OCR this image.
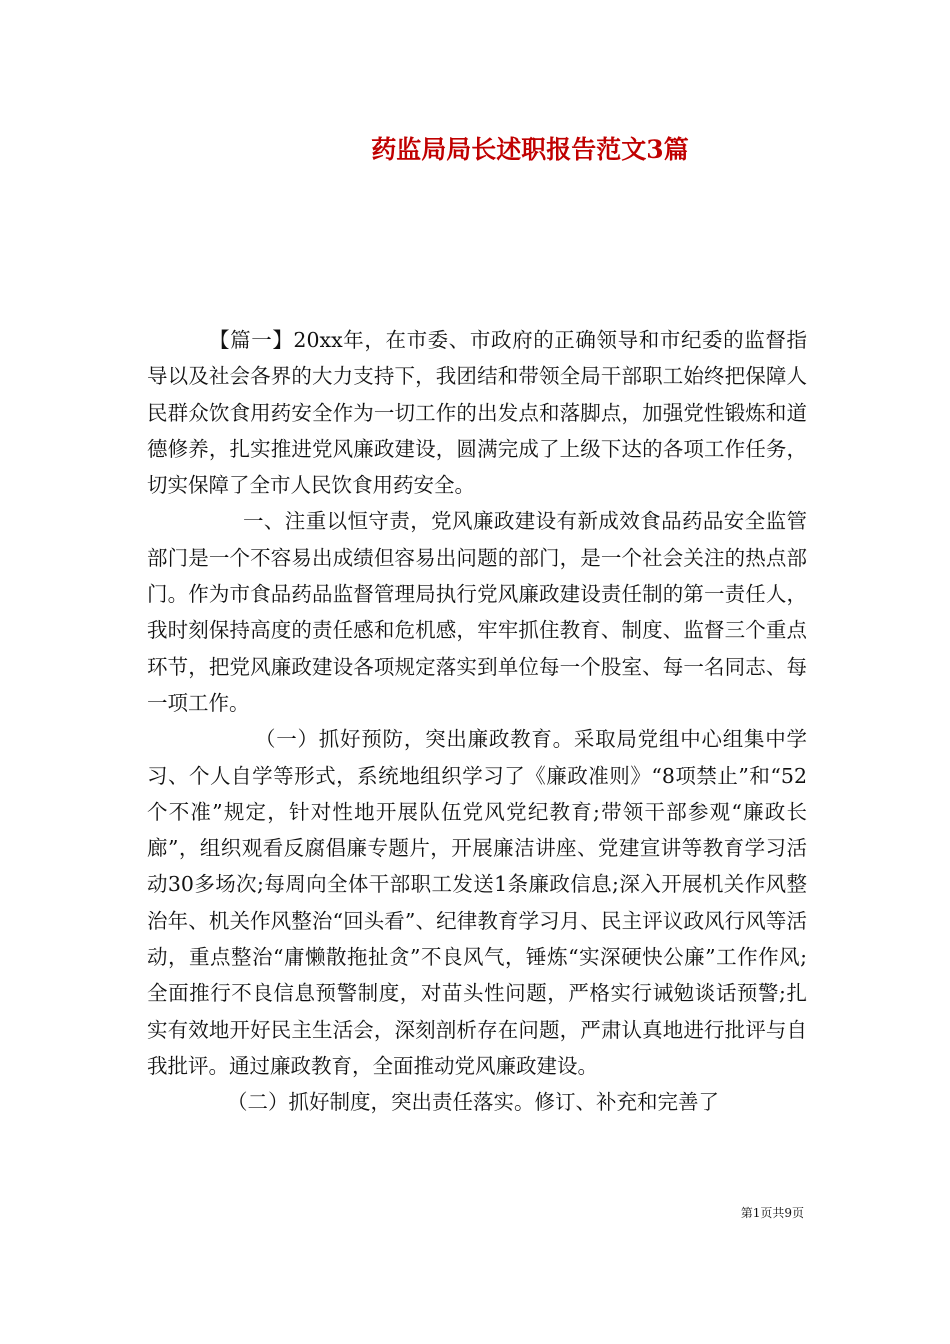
药监局局长述职报告范文3篇

【篇一】20xx年，在市委、市政府的正确领导和市纪委的监督指导以及社会各界的大力支持下，我团结和带领全局干部职工始终把保障人民群众饮食用药安全作为一切工作的出发点和落脚点，加强党性锻炼和道德修养，扎实推进党风廉政建设，圆满完成了上级下达的各项工作任务，切实保障了全市人民饮食用药安全。

一、注重以恒守责，党风廉政建设有新成效食品药品安全监管部门是一个不容易出成绩但容易出问题的部门，是一个社会关注的热点部门。作为市食品药品监督管理局执行党风廉政建设责任制的第一责任人，我时刻保持高度的责任感和危机感，牢牢抓住教育、制度、监督三个重点环节，把党风廉政建设各项规定落实到单位每一个股室、每一名同志、每一项工作。

（一）抓好预防，突出廉政教育。采取局党组中心组集中学习、个人自学等形式，系统地组织学习了《廉政准则》“8项禁止”和“52个不准”规定，针对性地开展队伍党风党纪教育;带领干部参观“廉政长廊”，组织观看反腐倡廉专题片，开展廉洁讲座、党建宣讲等教育学习活动30多场次;每周向全体干部职工发送1条廉政信息;深入开展机关作风整治年、机关作风整治“回头看”、纪律教育学习月、民主评议政风行风等活动，重点整治“庸懒散拖扯贪”不良风气，锤炼“实深硬快公廉”工作作风;全面推行不良信息预警制度，对苗头性问题，严格实行诫勉谈话预警;扎实有效地开好民主生活会，深刻剖析存在问题，严肃认真地进行批评与自我批评。通过廉政教育，全面推动党风廉政建设。

（二）抓好制度，突出责任落实。修订、补充和完善了

第1页共9页
